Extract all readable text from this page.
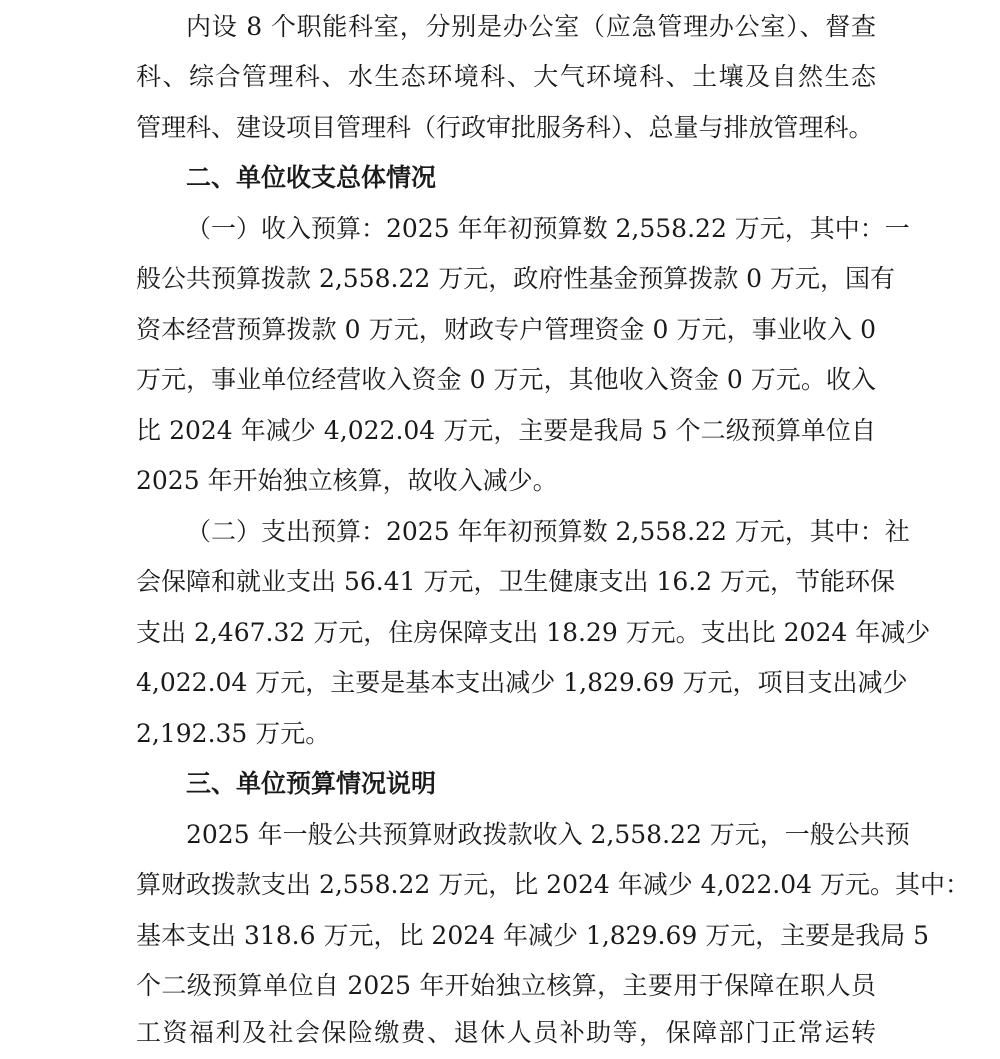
内设 8 个职能科室，分别是办公室（应急管理办公室）、督查
科、综合管理科、水生态环境科、大气环境科、土壤及自然生态
管理科、建设项目管理科（行政审批服务科）、总量与排放管理科。
二、单位收支总体情况
（一）收入预算：2025 年年初预算数 2,558.22 万元，其中：一
般公共预算拨款 2,558.22 万元，政府性基金预算拨款 0 万元，国有
资本经营预算拨款 0 万元，财政专户管理资金 0 万元，事业收入 0
万元，事业单位经营收入资金 0 万元，其他收入资金 0 万元。收入
比 2024 年减少 4,022.04 万元，主要是我局 5 个二级预算单位自
2025 年开始独立核算，故收入减少。
（二）支出预算：2025 年年初预算数 2,558.22 万元，其中：社
会保障和就业支出 56.41 万元，卫生健康支出 16.2 万元，节能环保
支出 2,467.32 万元，住房保障支出 18.29 万元。支出比 2024 年减少
4,022.04 万元，主要是基本支出减少 1,829.69 万元，项目支出减少
2,192.35 万元。
三、单位预算情况说明
2025 年一般公共预算财政拨款收入 2,558.22 万元，一般公共预
算财政拨款支出 2,558.22 万元，比 2024 年减少 4,022.04 万元。其中：
基本支出 318.6 万元，比 2024 年减少 1,829.69 万元，主要是我局 5
个二级预算单位自 2025 年开始独立核算，主要用于保障在职人员
工资福利及社会保险缴费、退休人员补助等，保障部门正常运转
